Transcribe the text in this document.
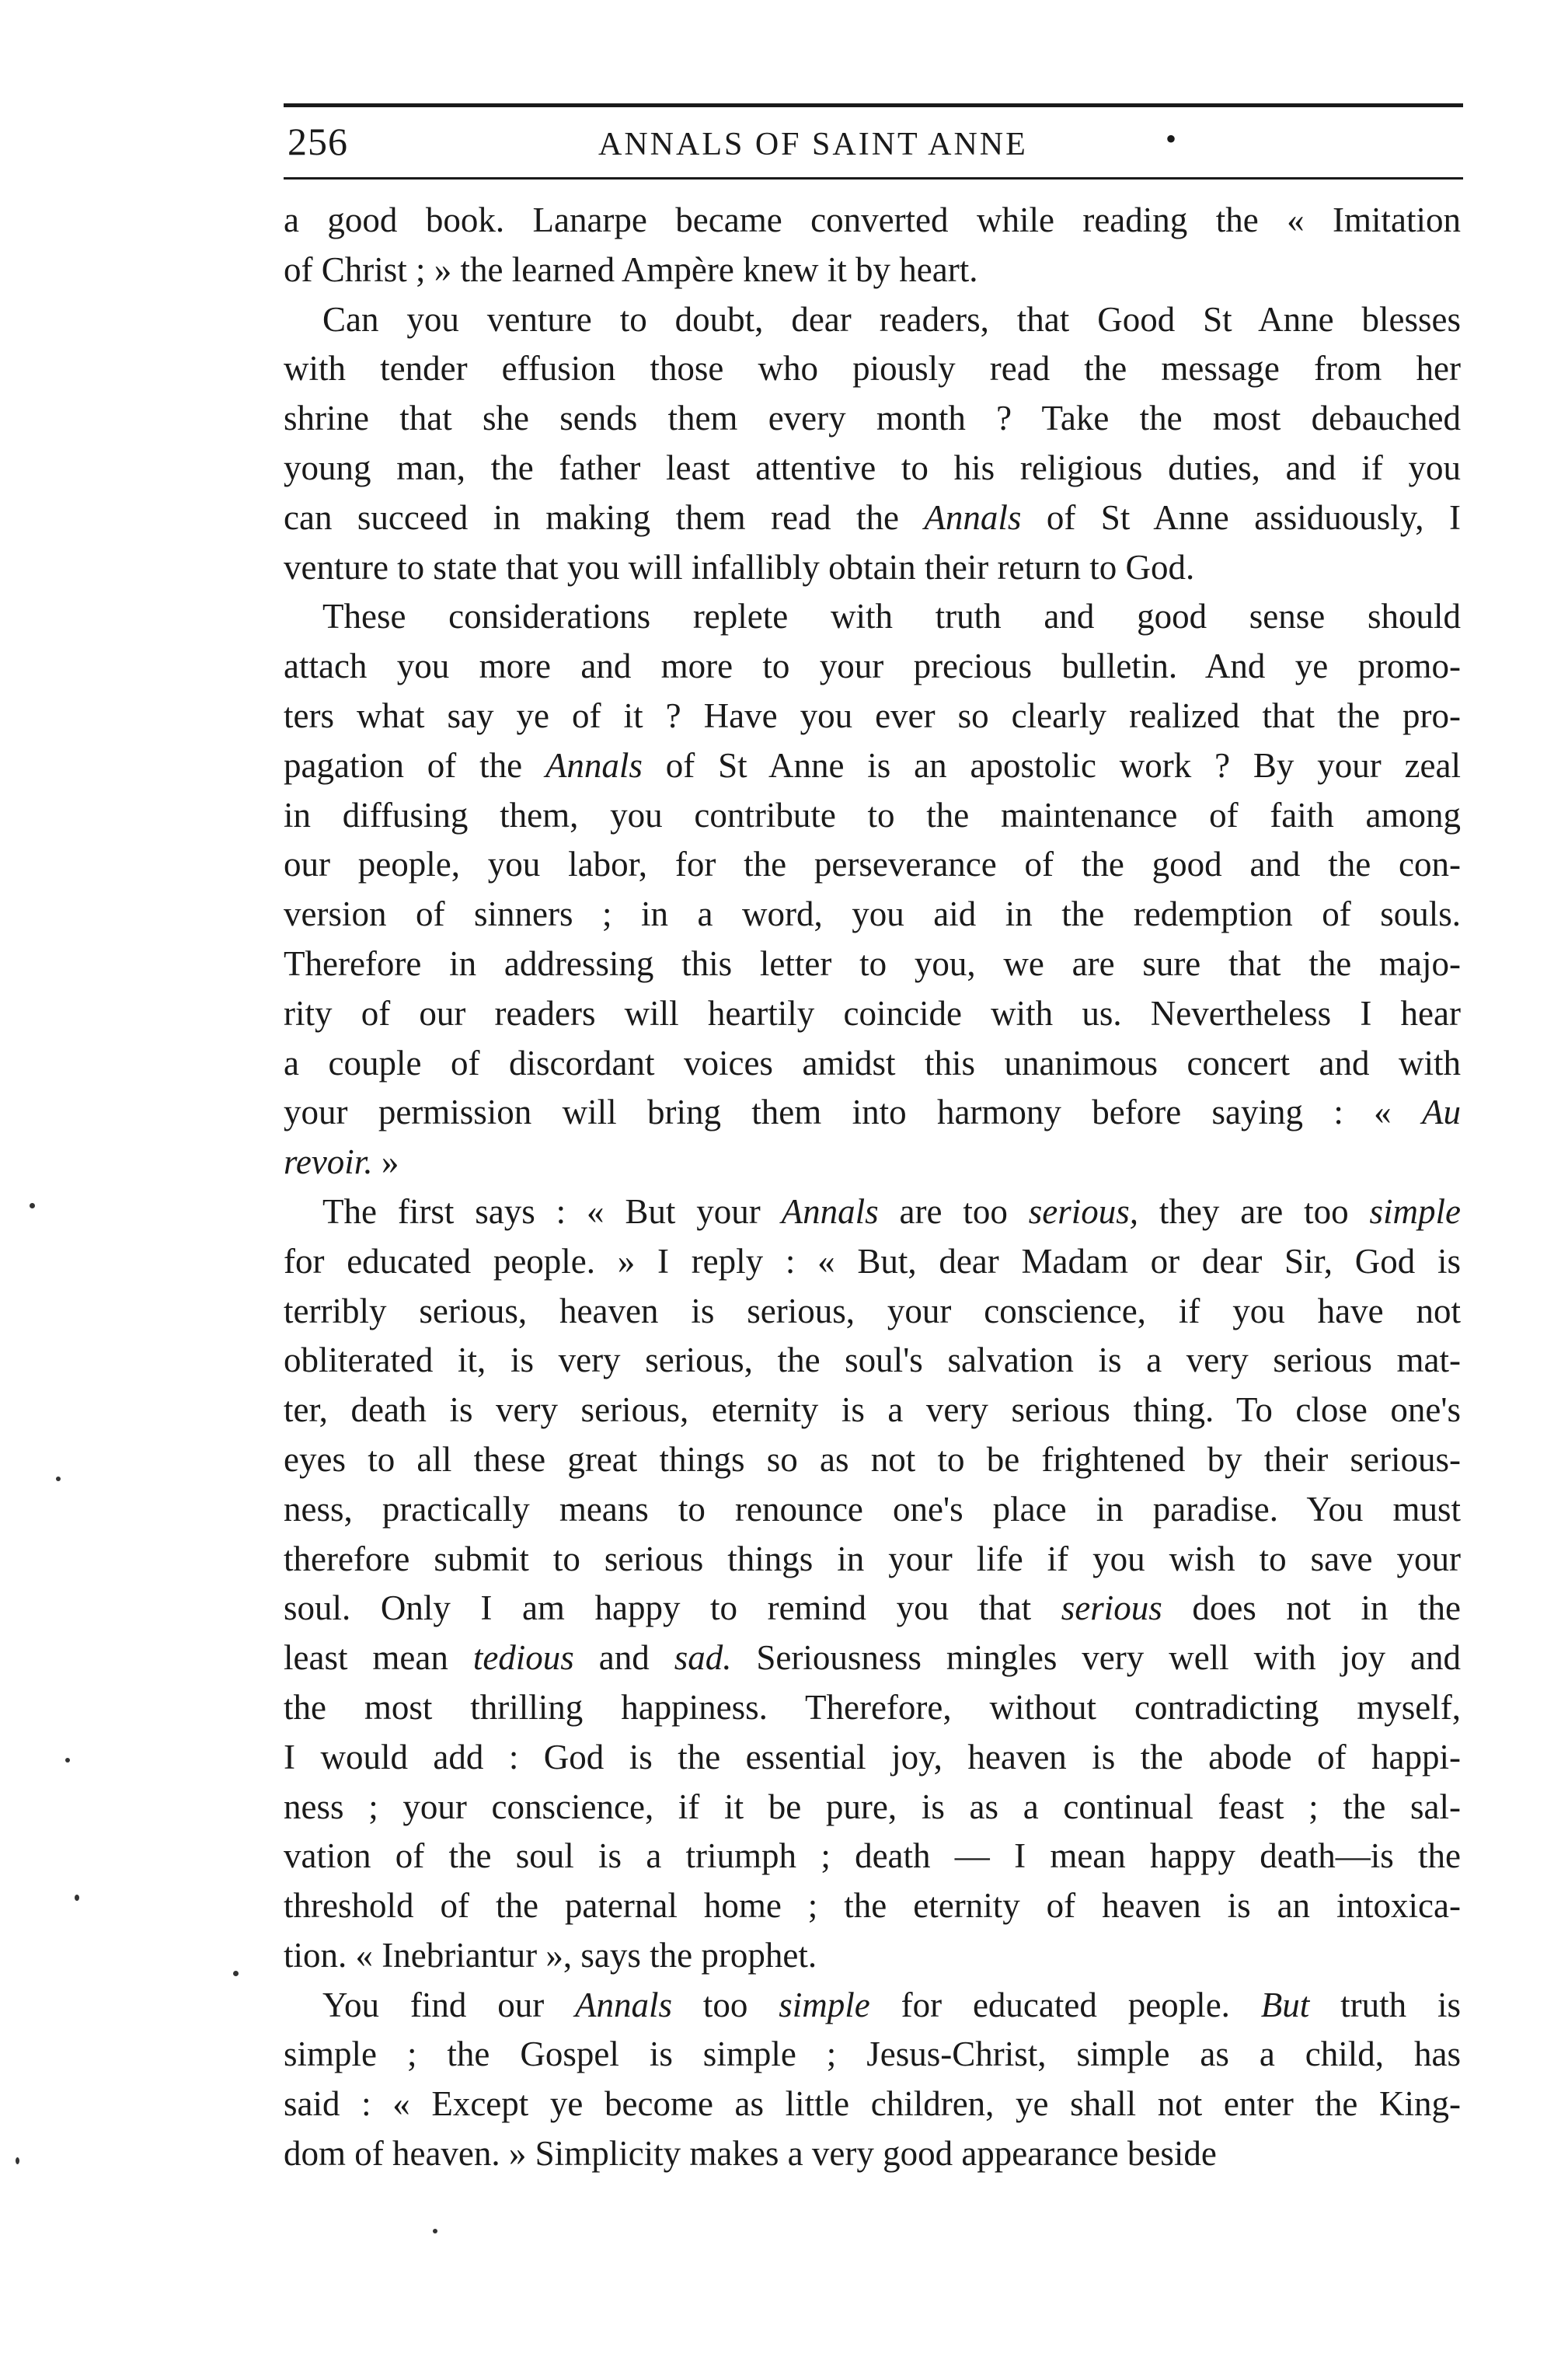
256	ANNALS OF SAINT ANNE	•
a good book. Lanarpe became converted while reading the « Imitation
of Christ ; » the learned Ampère knew it by heart.
Can you venture to doubt, dear readers, that Good St Anne blesses
with tender effusion those who piously read the message from her
shrine that she sends them every month ? Take the most debauched
young man, the father least attentive to his religious duties, and if you
can succeed in making them read the Annals of St Anne assiduously, I
venture to state that you will infallibly obtain their return to God.
These considerations replete with truth and good sense should
attach you more and more to your precious bulletin. And ye promo-
ters what say ye of it ? Have you ever so clearly realized that the pro-
pagation of the Annals of St Anne is an apostolic work ? By your zeal
in diffusing them, you contribute to the maintenance of faith among
our people, you labor, for the perseverance of the good and the con-
version of sinners ; in a word, you aid in the redemption of souls.
Therefore in addressing this letter to you, we are sure that the majo-
rity of our readers will heartily coincide with us. Nevertheless I hear
a couple of discordant voices amidst this unanimous concert and with
your permission will bring them into harmony before saying : « Au
revoir. »
The first says : « But your Annals are too serious, they are too simple
for educated people. » I reply : « But, dear Madam or dear Sir, God is
terribly serious, heaven is serious, your conscience, if you have not
obliterated it, is very serious, the soul's salvation is a very serious mat-
ter, death is very serious, eternity is a very serious thing. To close one's
eyes to all these great things so as not to be frightened by their serious-
ness, practically means to renounce one's place in paradise. You must
therefore submit to serious things in your life if you wish to save your
soul. Only I am happy to remind you that serious does not in the
least mean tedious and sad. Seriousness mingles very well with joy and
the most thrilling happiness. Therefore, without contradicting myself,
I would add : God is the essential joy, heaven is the abode of happi-
ness ; your conscience, if it be pure, is as a continual feast ; the sal-
vation of the soul is a triumph ; death — I mean happy death—is the
threshold of the paternal home ; the eternity of heaven is an intoxica-
tion. « Inebriantur », says the prophet.
You find our Annals too simple for educated people. But truth is
simple ; the Gospel is simple ; Jesus-Christ, simple as a child, has
said : « Except ye become as little children, ye shall not enter the King-
dom of heaven. » Simplicity makes a very good appearance beside
